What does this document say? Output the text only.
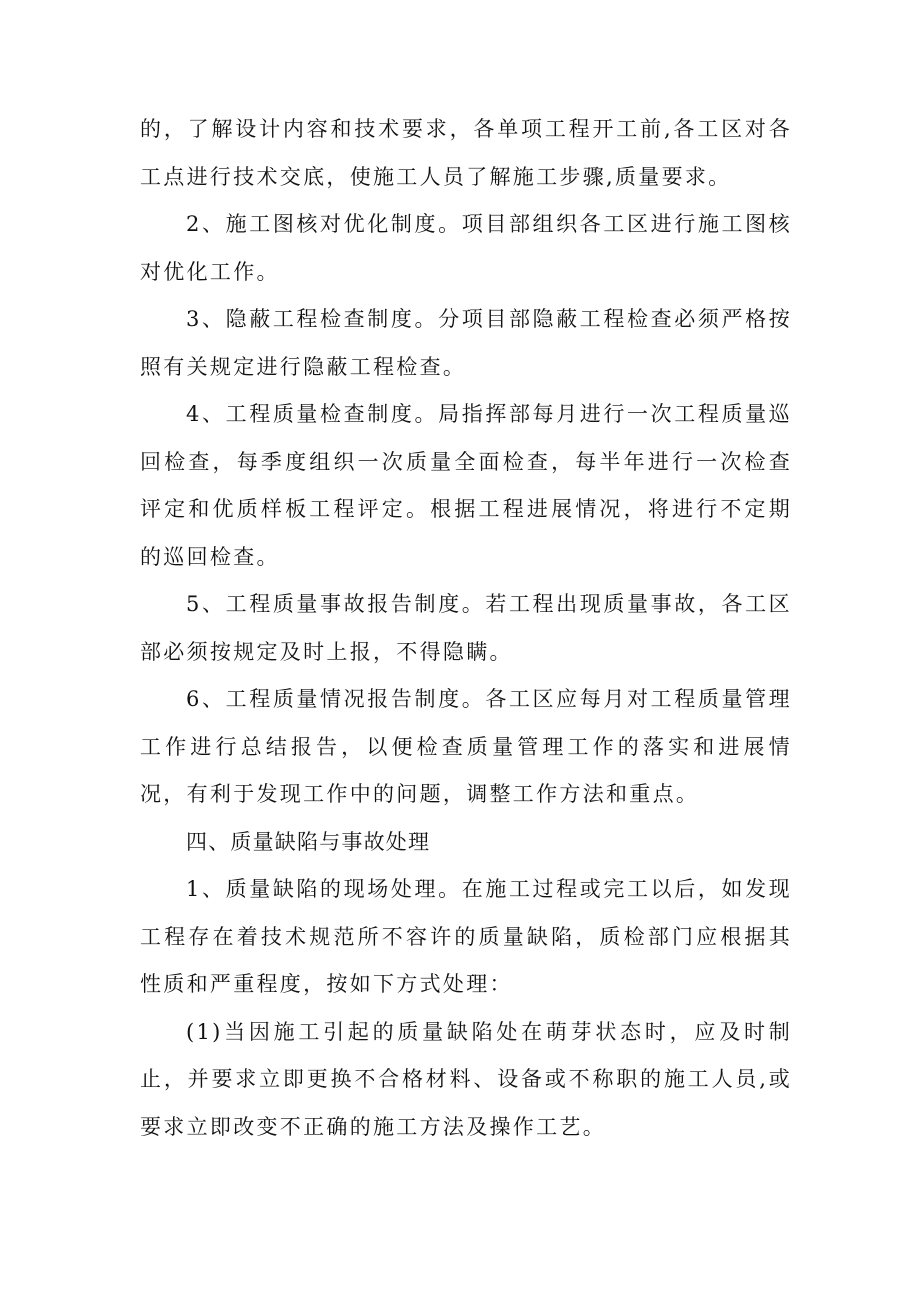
的，了解设计内容和技术要求，各单项工程开工前,各工区对各工点进行技术交底，使施工人员了解施工步骤,质量要求。

2、施工图核对优化制度。项目部组织各工区进行施工图核对优化工作。

3、隐蔽工程检查制度。分项目部隐蔽工程检查必须严格按照有关规定进行隐蔽工程检查。

4、工程质量检查制度。局指挥部每月进行一次工程质量巡回检查，每季度组织一次质量全面检查，每半年进行一次检查评定和优质样板工程评定。根据工程进展情况，将进行不定期的巡回检查。

5、工程质量事故报告制度。若工程出现质量事故，各工区部必须按规定及时上报，不得隐瞒。

6、工程质量情况报告制度。各工区应每月对工程质量管理工作进行总结报告，以便检查质量管理工作的落实和进展情况，有利于发现工作中的问题，调整工作方法和重点。

四、质量缺陷与事故处理

1、质量缺陷的现场处理。在施工过程或完工以后，如发现工程存在着技术规范所不容许的质量缺陷，质检部门应根据其性质和严重程度，按如下方式处理：

(1)当因施工引起的质量缺陷处在萌芽状态时，应及时制止，并要求立即更换不合格材料、设备或不称职的施工人员,或要求立即改变不正确的施工方法及操作工艺。
